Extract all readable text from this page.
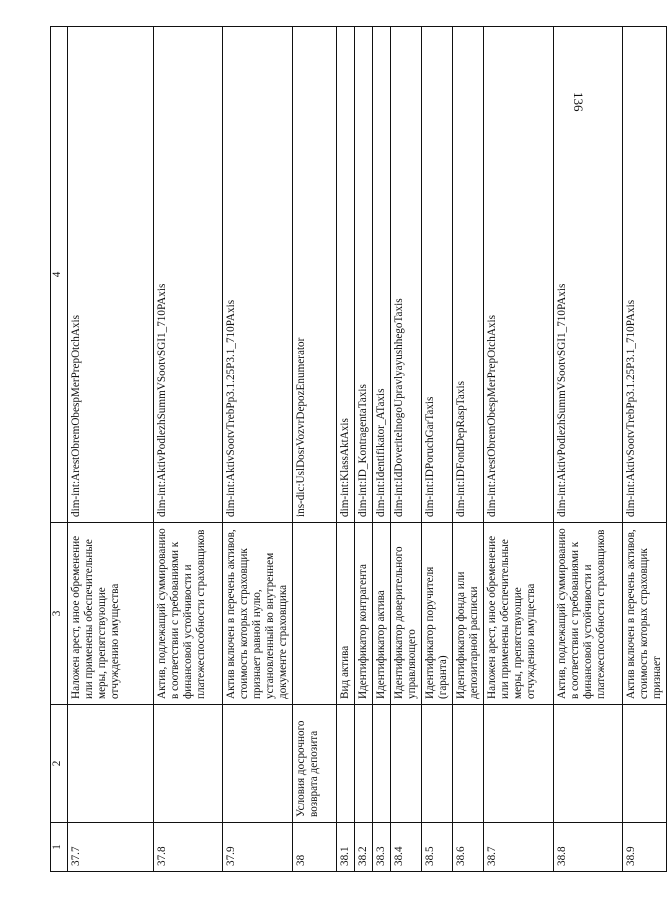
136
1	2	3	4
37.7		Наложен арест, иное обременение или применены обеспечительные меры, препятствующие отчуждению имущества	dim-int:ArestObremObespMerPrepOtchAxis
37.8		Актив, подлежащий суммированию в соответствии с требованиями к финансовой устойчивости и платежеспособности страховщиков	dim-int:AktivPodlezhSummVSootvSGI1_710PAxis
37.9		Актив включен в перечень активов, стоимость которых страховщик признает равной нулю, установленный во внутреннем документе страховщика	dim-int:AktivSootvTrebPp3.1.25P3.1_710PAxis
38	Условия досрочного возврата депозита		ins-dic:UslDosrVozvrDepozEnumerator
38.1		Вид актива	dim-int:KlassAktAxis
38.2		Идентификатор контрагента	dim-int:ID_KontragentaTaxis
38.3		Идентификатор актива	dim-int:Identifikator_ATaxis
38.4		Идентификатор доверительного управляющего	dim-int:IdDoveritelnogoUpravlyayushhegoTaxis
38.5		Идентификатор поручителя (гаранта)	dim-int:IDPoruchGarTaxis
38.6		Идентификатор фонда или депозитарной расписки	dim-int:IDFondDepRaspTaxis
38.7		Наложен арест, иное обременение или применены обеспечительные меры, препятствующие отчуждению имущества	dim-int:ArestObremObespMerPrepOtchAxis
38.8		Актив, подлежащий суммированию в соответствии с требованиями к финансовой устойчивости и платежеспособности страховщиков	dim-int:AktivPodlezhSummVSootvSGI1_710PAxis
38.9		Актив включен в перечень активов, стоимость которых страховщик признает	dim-int:AktivSootvTrebPp3.1.25P3.1_710PAxis
